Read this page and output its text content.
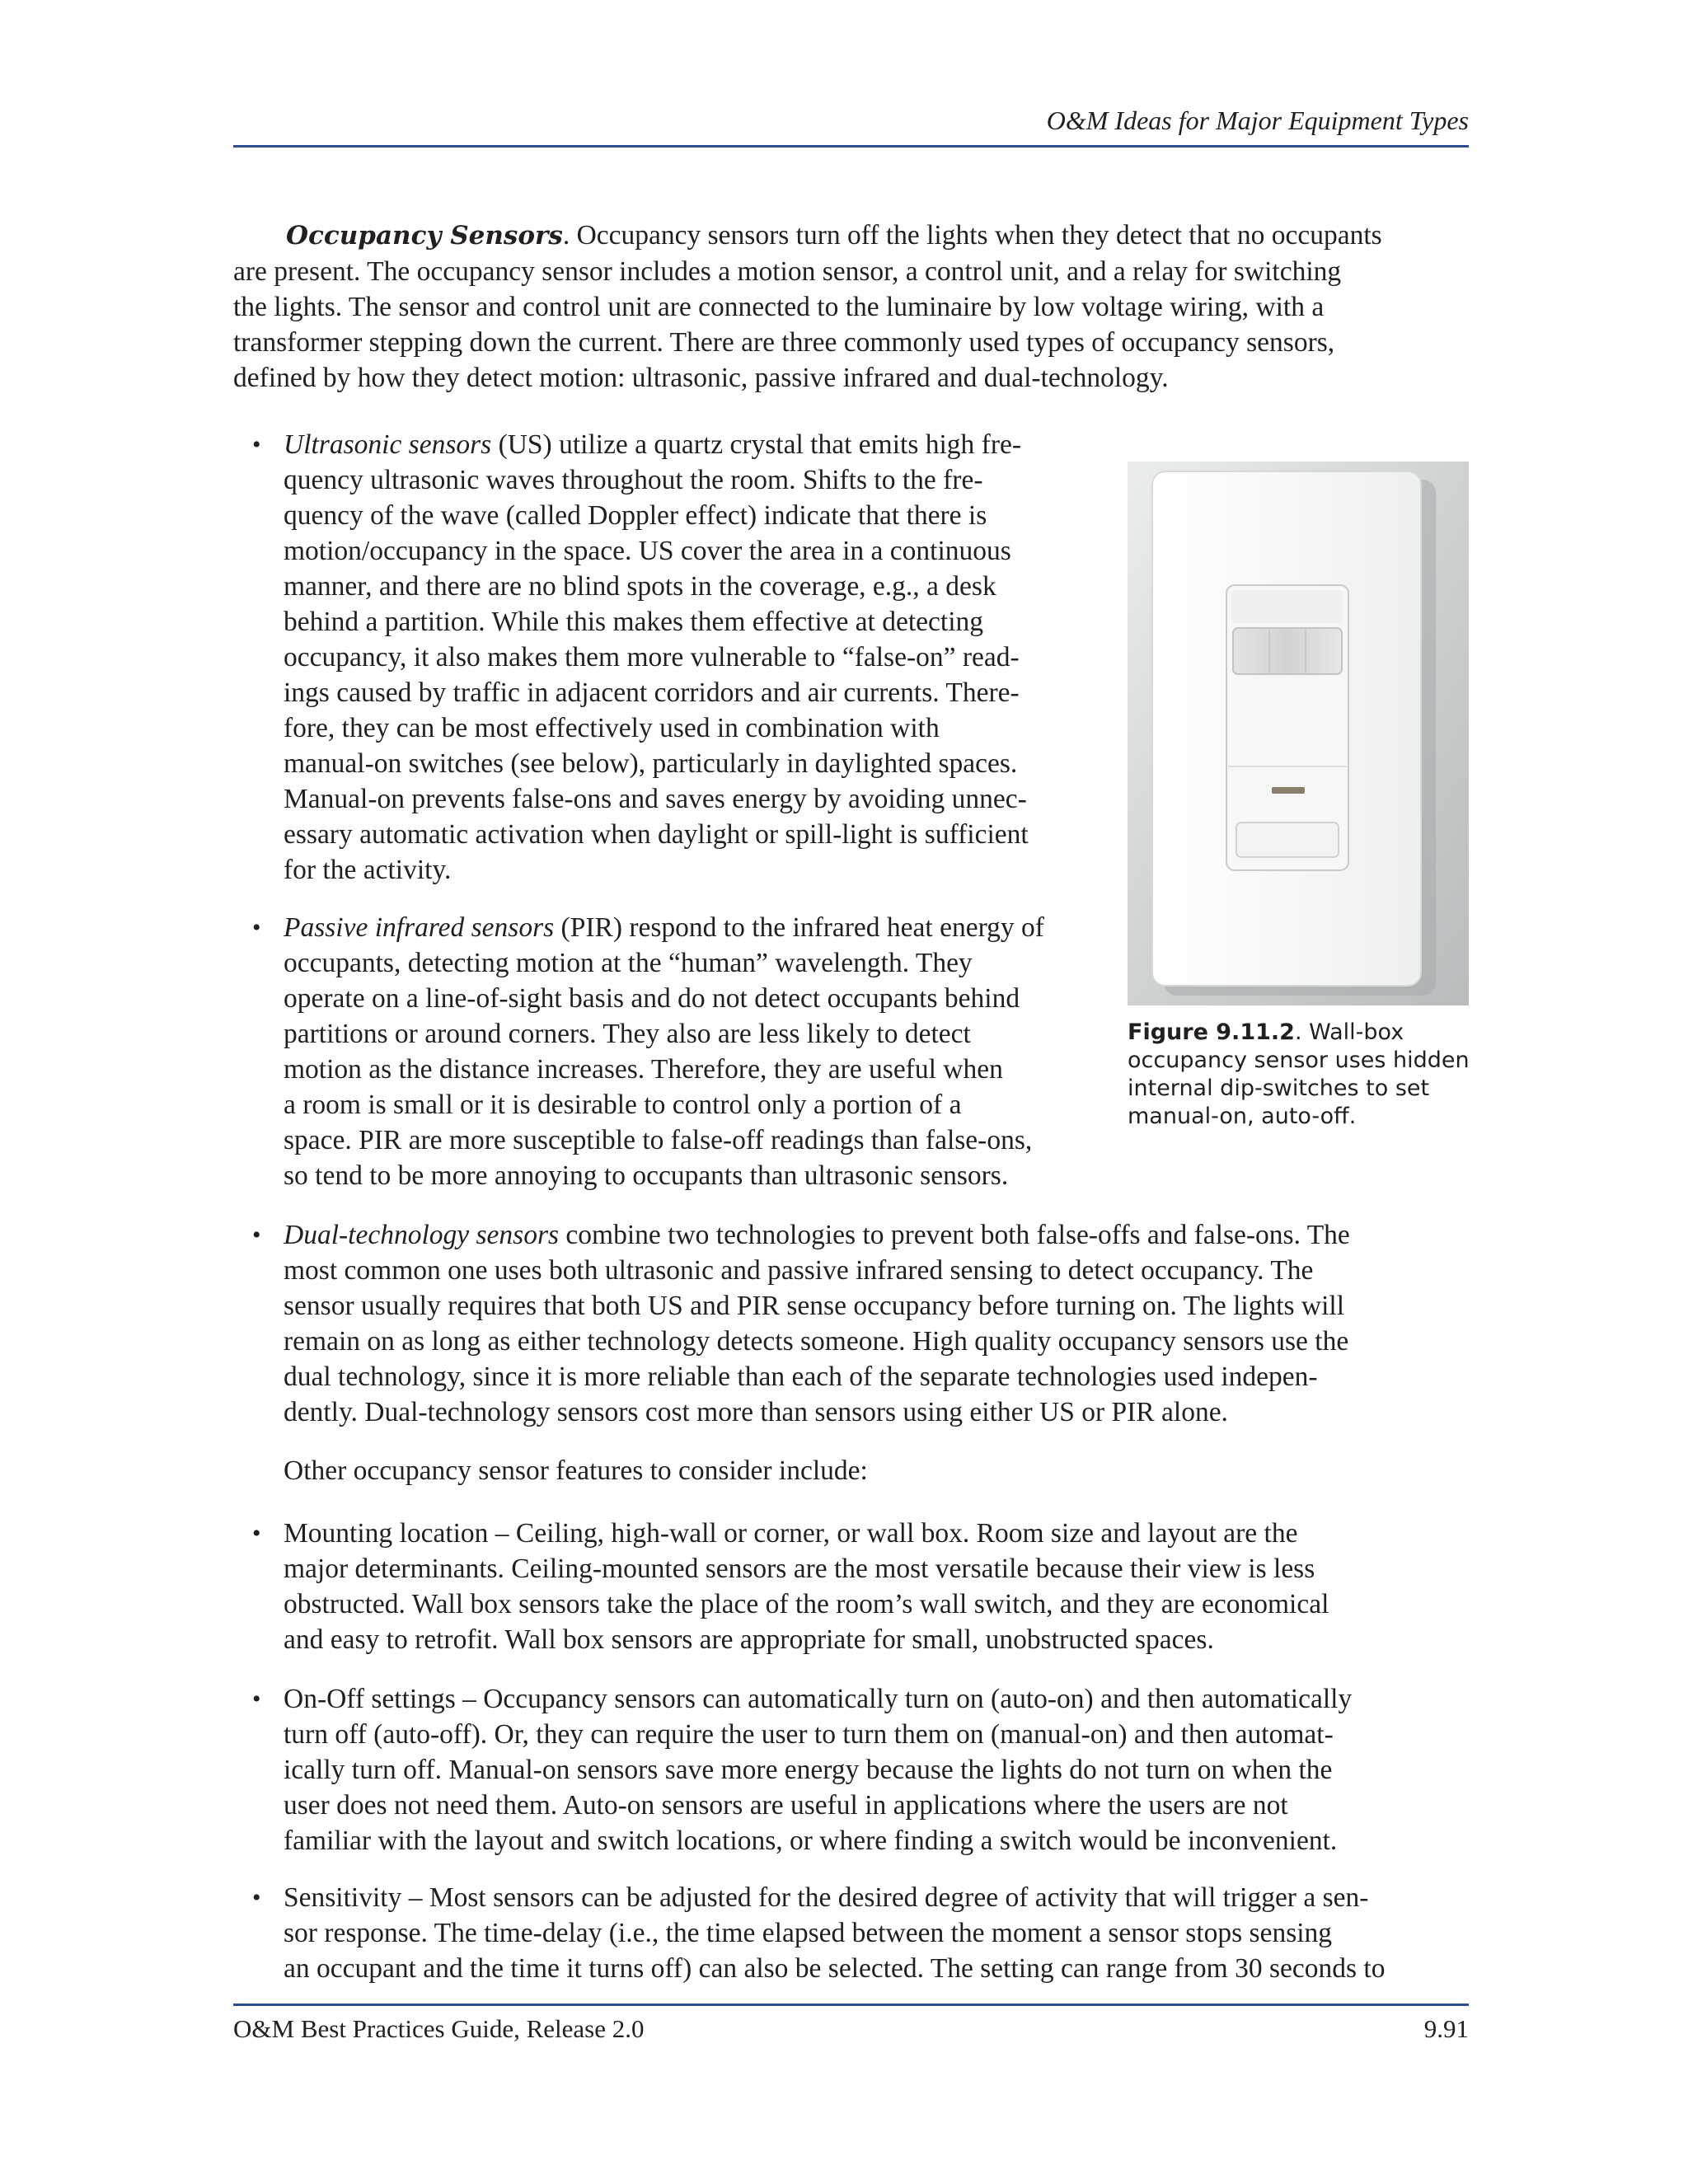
O&M Ideas for Major Equipment Types
Occupancy Sensors. Occupancy sensors turn off the lights when they detect that no occupants
are present. The occupancy sensor includes a motion sensor, a control unit, and a relay for switching
the lights. The sensor and control unit are connected to the luminaire by low voltage wiring, with a
transformer stepping down the current. There are three commonly used types of occupancy sensors,
defined by how they detect motion: ultrasonic, passive infrared and dual-technology.
• Ultrasonic sensors (US) utilize a quartz crystal that emits high fre-
quency ultrasonic waves throughout the room. Shifts to the fre-
quency of the wave (called Doppler effect) indicate that there is
motion/occupancy in the space. US cover the area in a continuous
manner, and there are no blind spots in the coverage, e.g., a desk
behind a partition. While this makes them effective at detecting
occupancy, it also makes them more vulnerable to “false-on” read-
ings caused by traffic in adjacent corridors and air currents. There-
fore, they can be most effectively used in combination with
manual-on switches (see below), particularly in daylighted spaces.
Manual-on prevents false-ons and saves energy by avoiding unnec-
essary automatic activation when daylight or spill-light is sufficient
for the activity.
• Passive infrared sensors (PIR) respond to the infrared heat energy of
occupants, detecting motion at the “human” wavelength. They
operate on a line-of-sight basis and do not detect occupants behind
partitions or around corners. They also are less likely to detect
motion as the distance increases. Therefore, they are useful when
a room is small or it is desirable to control only a portion of a
space. PIR are more susceptible to false-off readings than false-ons,
so tend to be more annoying to occupants than ultrasonic sensors.
Figure 9.11.2. Wall-box
occupancy sensor uses hidden
internal dip-switches to set
manual-on, auto-off.
• Dual-technology sensors combine two technologies to prevent both false-offs and false-ons. The
most common one uses both ultrasonic and passive infrared sensing to detect occupancy. The
sensor usually requires that both US and PIR sense occupancy before turning on. The lights will
remain on as long as either technology detects someone. High quality occupancy sensors use the
dual technology, since it is more reliable than each of the separate technologies used indepen-
dently. Dual-technology sensors cost more than sensors using either US or PIR alone.
Other occupancy sensor features to consider include:
• Mounting location – Ceiling, high-wall or corner, or wall box. Room size and layout are the
major determinants. Ceiling-mounted sensors are the most versatile because their view is less
obstructed. Wall box sensors take the place of the room’s wall switch, and they are economical
and easy to retrofit. Wall box sensors are appropriate for small, unobstructed spaces.
• On-Off settings – Occupancy sensors can automatically turn on (auto-on) and then automatically
turn off (auto-off). Or, they can require the user to turn them on (manual-on) and then automat-
ically turn off. Manual-on sensors save more energy because the lights do not turn on when the
user does not need them. Auto-on sensors are useful in applications where the users are not
familiar with the layout and switch locations, or where finding a switch would be inconvenient.
• Sensitivity – Most sensors can be adjusted for the desired degree of activity that will trigger a sen-
sor response. The time-delay (i.e., the time elapsed between the moment a sensor stops sensing
an occupant and the time it turns off) can also be selected. The setting can range from 30 seconds to
O&M Best Practices Guide, Release 2.0	9.91
